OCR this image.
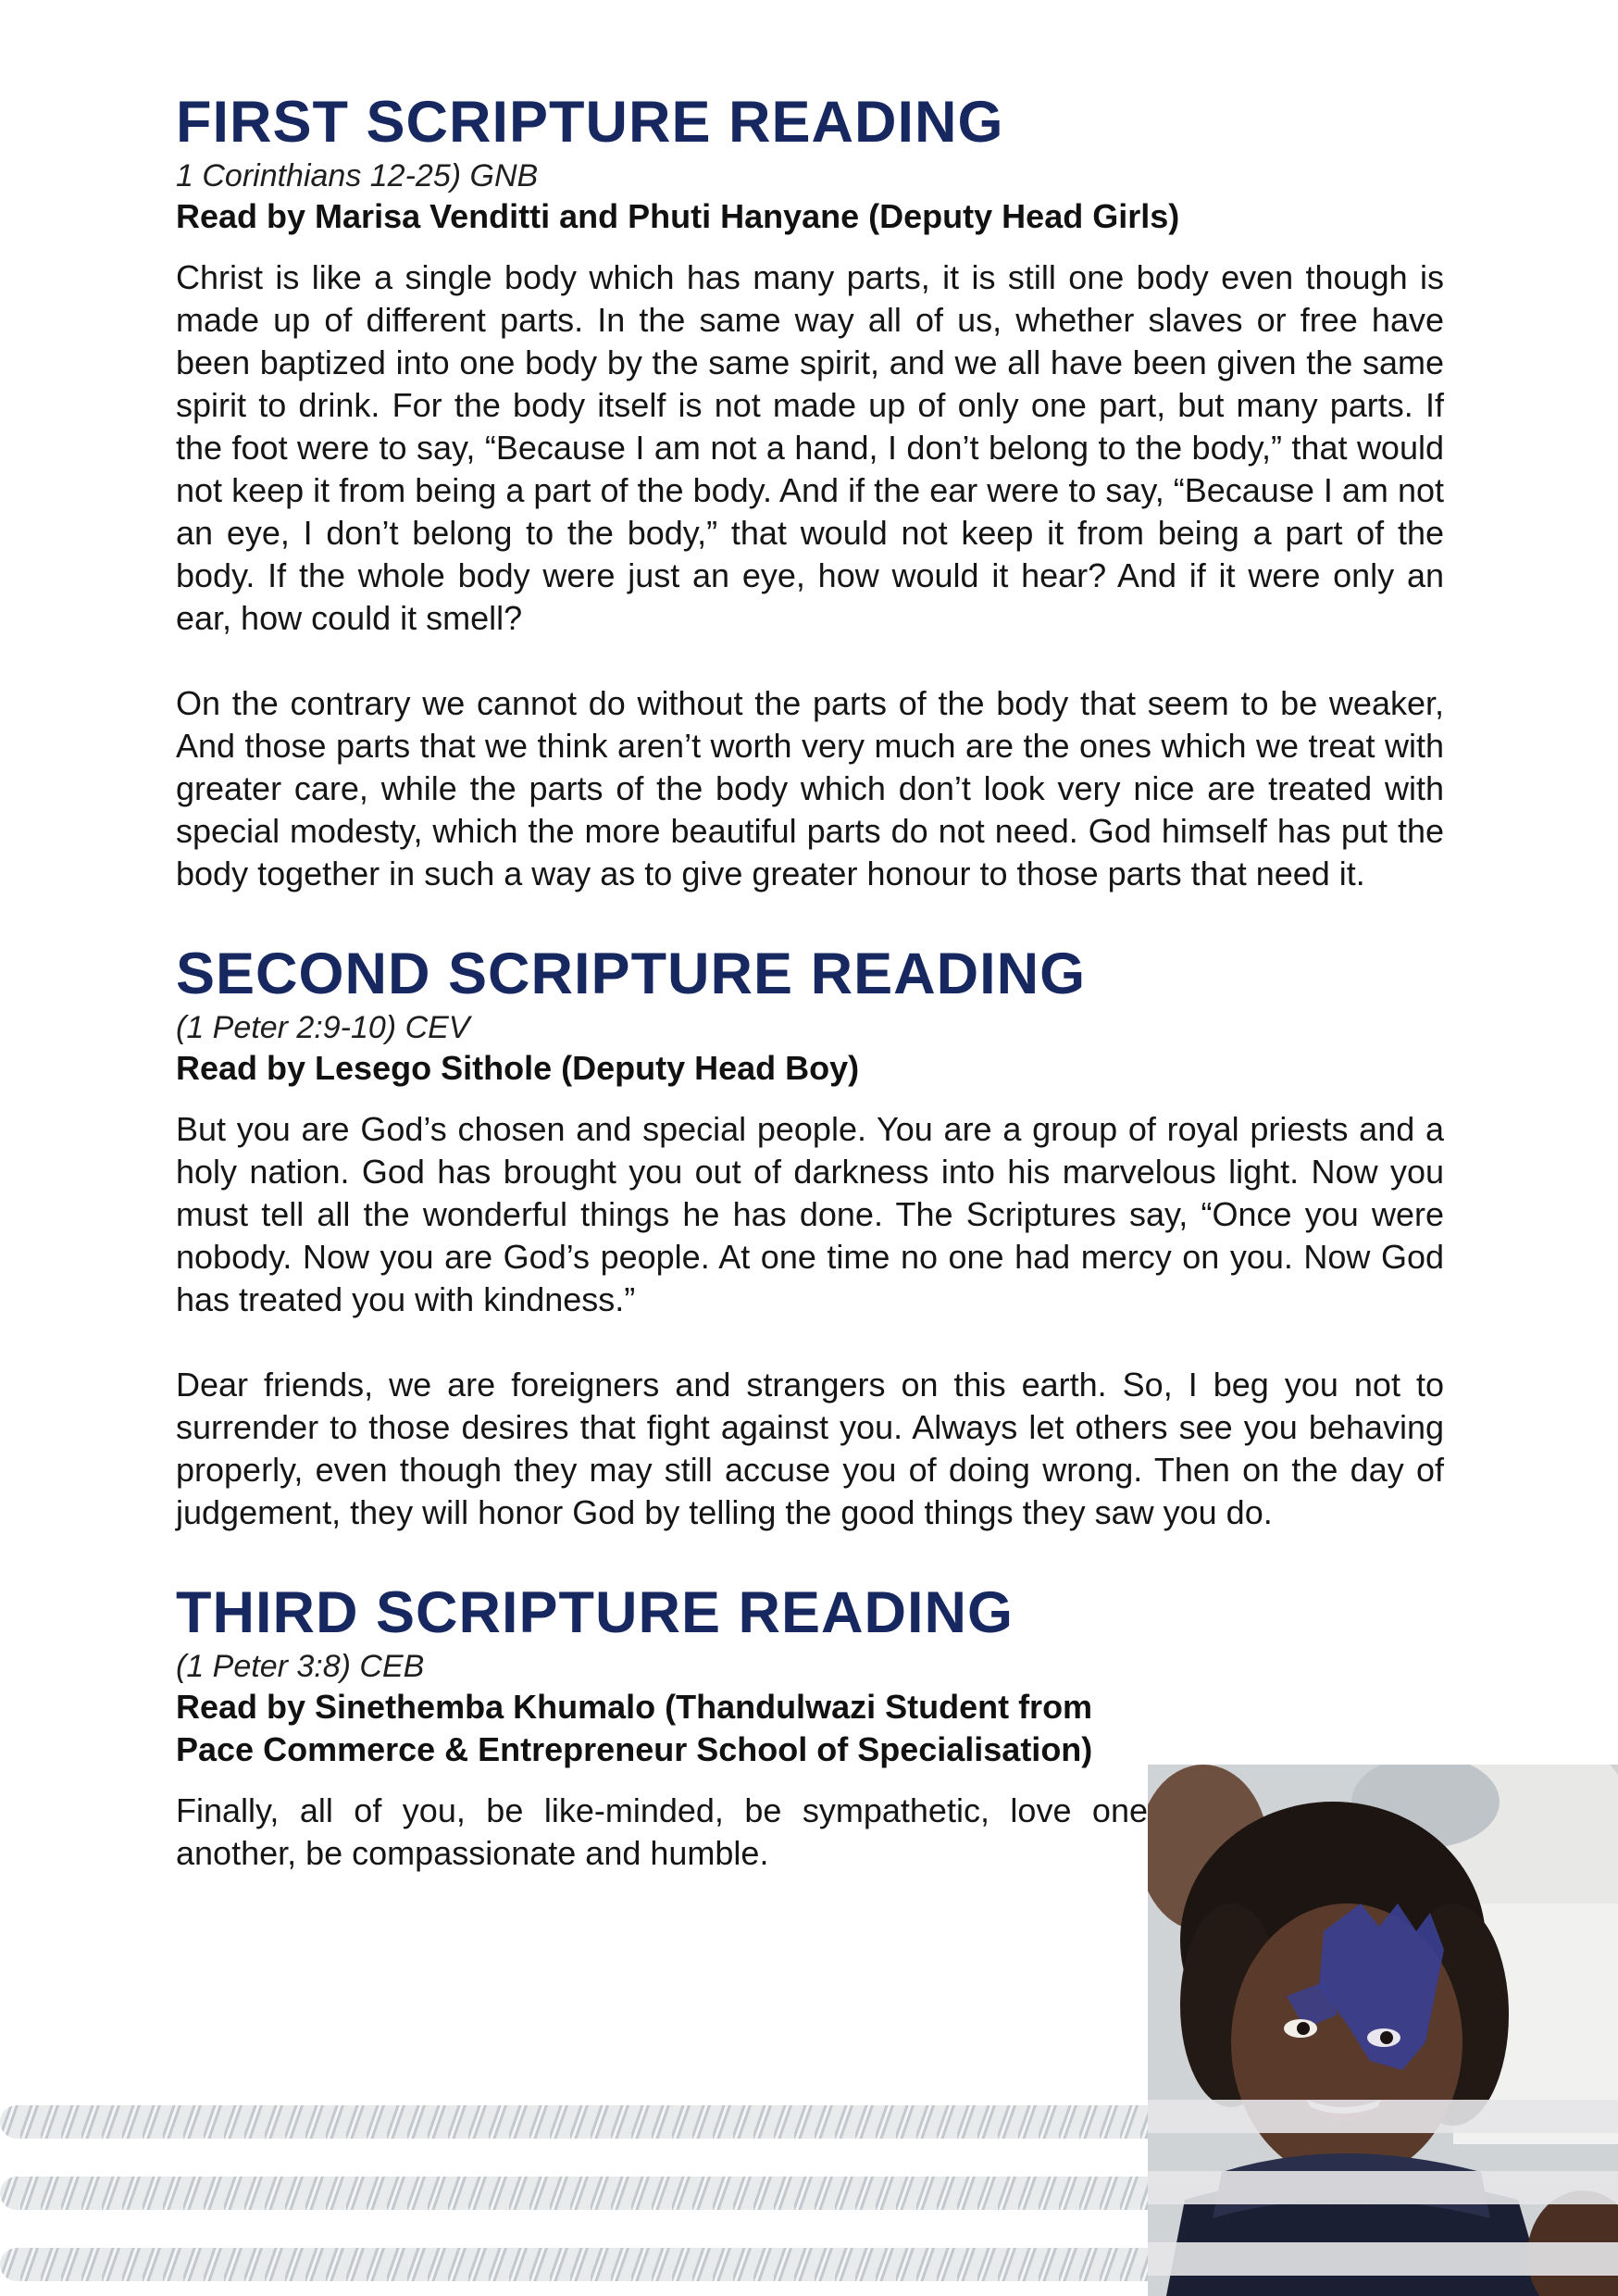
FIRST SCRIPTURE READING

1 Corinthians 12-25) GNB

Read by Marisa Venditti and Phuti Hanyane (Deputy Head Girls)

Christ is like a single body which has many parts, it is still one body even though is made up of different parts. In the same way all of us, whether slaves or free have been baptized into one body by the same spirit, and we all have been given the same spirit to drink. For the body itself is not made up of only one part, but many parts. If the foot were to say, “Because I am not a hand, I don’t belong to the body,” that would not keep it from being a part of the body. And if the ear were to say, “Because I am not an eye, I don’t belong to the body,” that would not keep it from being a part of the body. If the whole body were just an eye, how would it hear? And if it were only an ear, how could it smell?

On the contrary we cannot do without the parts of the body that seem to be weaker, And those parts that we think aren’t worth very much are the ones which we treat with greater care, while the parts of the body which don’t look very nice are treated with special modesty, which the more beautiful parts do not need. God himself has put the body together in such a way as to give greater honour to those parts that need it.

SECOND SCRIPTURE READING

(1 Peter 2:9-10) CEV

Read by Lesego Sithole (Deputy Head Boy)

But you are God’s chosen and special people. You are a group of royal priests and a holy nation. God has brought you out of darkness into his marvelous light. Now you must tell all the wonderful things he has done. The Scriptures say, “Once you were nobody. Now you are God’s people. At one time no one had mercy on you. Now God has treated you with kindness.”

Dear friends, we are foreigners and strangers on this earth. So, I beg you not to surrender to those desires that fight against you. Always let others see you behaving properly, even though they may still accuse you of doing wrong. Then on the day of judgement, they will honor God by telling the good things they saw you do.

THIRD SCRIPTURE READING

(1 Peter 3:8) CEB

Read by Sinethemba Khumalo (Thandulwazi Student from Pace Commerce & Entrepreneur School of Specialisation)

Finally, all of you, be like-minded, be sympathetic, love one another, be compassionate and humble.
